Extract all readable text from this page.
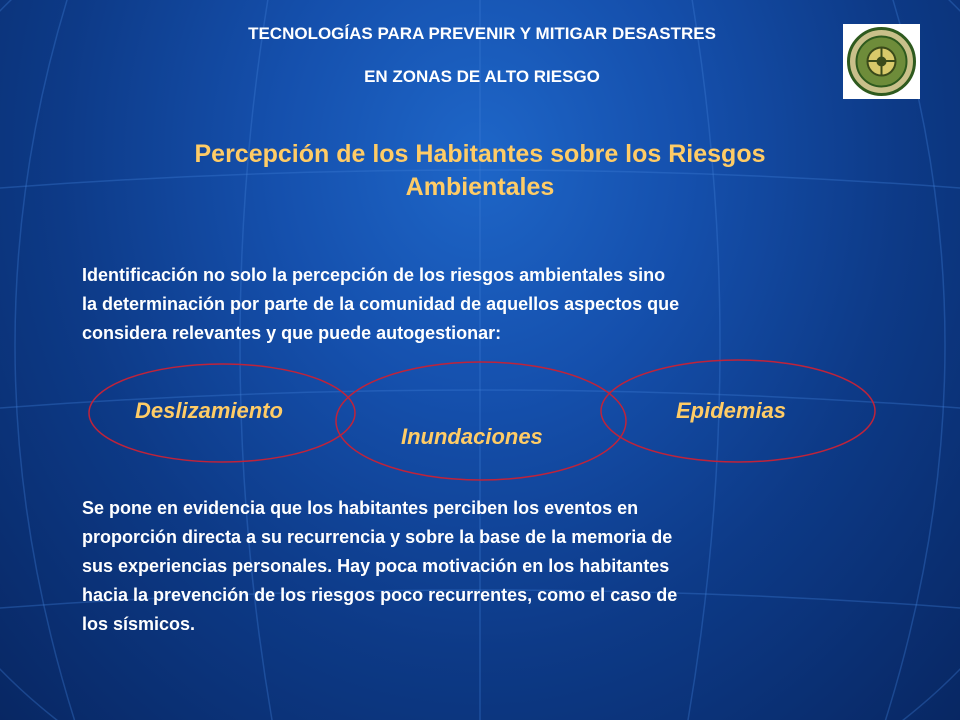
TECNOLOGÍAS PARA PREVENIR Y MITIGAR DESASTRES
EN ZONAS DE ALTO RIESGO
Percepción de los Habitantes sobre los Riesgos
Ambientales
Identificación no solo la percepción de los riesgos ambientales sino
la determinación por parte de la comunidad de aquellos aspectos que
considera relevantes y que puede autogestionar:
Deslizamiento
Inundaciones
Epidemias
Se pone en evidencia que los habitantes perciben los eventos en
proporción directa a su recurrencia y sobre la base de la memoria de
sus experiencias personales. Hay poca motivación en los habitantes
hacia la prevención de los riesgos poco recurrentes, como el caso de
los sísmicos.
